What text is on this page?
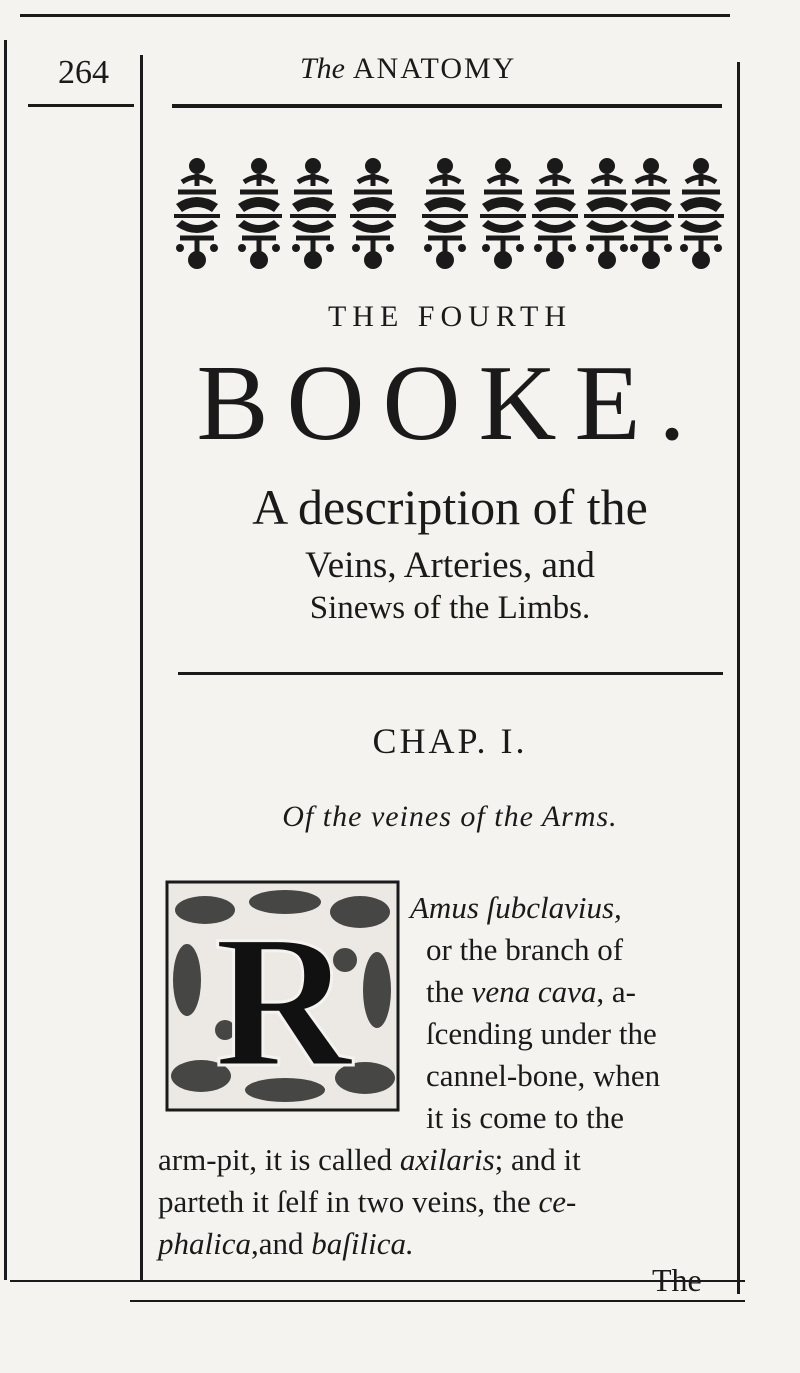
264	The ANATOMY
THE FOURTH
BOOKE.
A description of the
Veins, Arteries, and
Sinews of the Limbs.
CHAP. I.
Of the veines of the Arms.
R Amus ſubclavius,
or the branch of
the vena cava, a-
ſcending under the
cannel-bone, when
it is come to the
arm-pit, it is called axilaris; and it
parteth it ſelf in two veins, the ce-
phalica,and baſilica.
The
